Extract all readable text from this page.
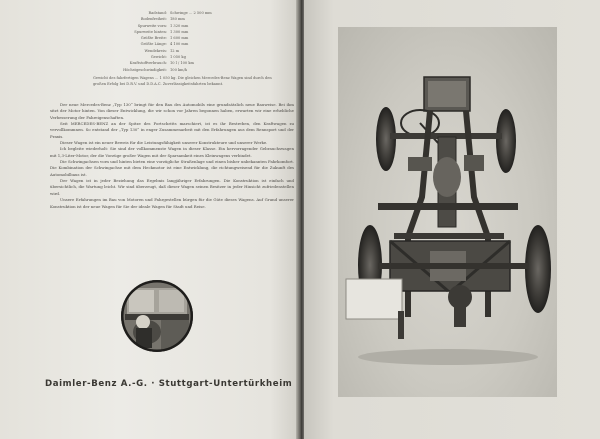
Radstand: Schwinge ... 2 500 mm
Bodenfreiheit: 180 mm
Spurweite vorn: 1 320 mm
Spurweite hinten: 1 300 mm
Größte Breite: 1 600 mm
Größte Länge: 4 100 mm
Wendekreis: 12 m
Gewicht: 1 050 kg
Kraftstoffverbrauch: 10 l / 100 km
Höchstgeschwindigkeit: 100 km/h
Gewicht des fahrfertigen Wagens ... 1 050 kg. Die gleichen Mercedes-Benz Wagen sind durch den großen Erfolg bei D.R.V. und D.D.A.C. Zuverlässigkeitsfahrten bekannt.

Der neue Mercedes-Benz „Typ 130“ bringt für den Bau des Automobils eine grundsätzlich neue Bauweise. Bei ihm sitzt der Motor hinten. Von dieser Entwicklung, die wir schon vor Jahren begonnen haben, erwarten wir eine erhebliche Verbesserung der Fahreigenschaften.

Seit MERCEDES-BENZ an der Spitze des Fortschritts marschiert, ist es ihr Bestreben, den Kraftwagen zu vervollkommnen. So entstand der „Typ 130“ in enger Zusammenarbeit mit den Erfahrungen aus dem Rennsport und der Praxis.

Dieser Wagen ist ein neuer Beweis für die Leistungsfähigkeit unserer Konstrukteure und unserer Werke.

Ich begleite wiederholt: Sie sind der vollkommenste Wagen in dieser Klasse. Ein hervorragender Gebrauchswagen mit 1,3-Liter-Motor, der die Vorzüge großer Wagen mit der Sparsamkeit eines Kleinwagens verbindet.

Die Schwingachsen vorn und hinten bieten eine vorzügliche Straßenlage und einen bisher unbekannten Fahrkomfort. Die Kombination der Schwingachse mit dem Heckmotor ist eine Entwicklung, die richtungweisend für die Zukunft des Automobilbaus ist.

Der Wagen ist in jeder Beziehung das Ergebnis langjähriger Erfahrungen. Die Konstruktion ist einfach und übersichtlich, die Wartung leicht. Wir sind überzeugt, daß dieser Wagen seinen Besitzer in jeder Hinsicht zufriedenstellen wird.

Unsere Erfahrungen im Bau von Motoren und Fahrgestellen bürgen für die Güte dieses Wagens. Auf Grund unserer Konstruktion ist der neue Wagen für Sie der ideale Wagen für Stadt und Reise.

Daimler-Benz A.-G. · Stuttgart-Untertürkheim
